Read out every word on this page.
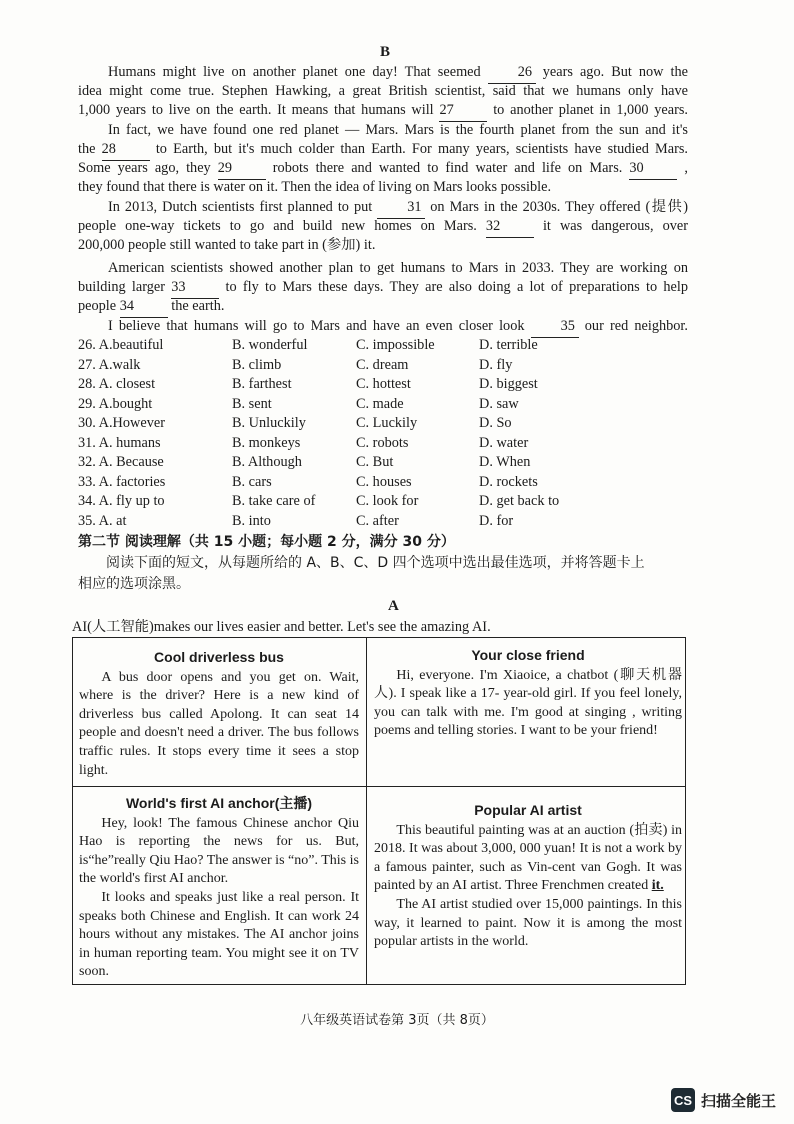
B
Humans might live on another planet one day! That seemed 26 years ago. But now the
idea might come true. Stephen Hawking, a great British scientist, said that we humans only have
1,000 years to live on the earth. It means that humans will 27 to another planet in 1,000 years.
In fact, we have found one red planet — Mars. Mars is the fourth planet from the sun and it's
the 28 to Earth, but it's much colder than Earth. For many years, scientists have studied Mars.
Some years ago, they 29 robots there and wanted to find water and life on Mars. 30 ,
they found that there is water on it. Then the idea of living on Mars looks possible.
In 2013, Dutch scientists first planned to put 31 on Mars in the 2030s. They offered (提供)
people one-way tickets to go and build new homes on Mars. 32 it was dangerous, over
200,000 people still wanted to take part in (参加) it.
American scientists showed another plan to get humans to Mars in 2033. They are working on
building larger 33 to fly to Mars these days. They are also doing a lot of preparations to help
people 34 the earth.
I believe that humans will go to Mars and have an even closer look 35 our red neighbor.
26. A.beautiful	B. wonderful	C. impossible	D. terrible
27. A.walk	B. climb	C. dream	D. fly
28. A. closest	B. farthest	C. hottest	D. biggest
29. A.bought	B. sent	C. made	D. saw
30. A.However	B. Unluckily	C. Luckily	D. So
31. A. humans	B. monkeys	C. robots	D. water
32. A. Because	B. Although	C. But	D. When
33. A. factories	B. cars	C. houses	D. rockets
34. A. fly up to	B. take care of	C. look for	D. get back to
35. A. at	B. into	C. after	D. for
第二节 阅读理解（共 15 小题；每小题 2 分，满分 30 分）
阅读下面的短文，从每题所给的 A、B、C、D 四个选项中选出最佳选项，并将答题卡上
相应的选项涂黑。
A
AI(人工智能)makes our lives easier and better. Let's see the amazing AI.
Cool driverless bus

A bus door opens and you get on. Wait, where is the driver? Here is a new kind of driverless bus called Apolong. It can seat 14 people and doesn't need a driver. The bus follows traffic rules. It stops every time it sees a stop light.

Your close friend

Hi, everyone. I'm Xiaoice, a chatbot (聊天机器人). I speak like a 17- year-old girl. If you feel lonely, you can talk with me. I'm good at singing , writing poems and telling stories. I want to be your friend!

World's first AI anchor(主播)

Hey, look! The famous Chinese anchor Qiu Hao is reporting the news for us. But, is“he”really Qiu Hao? The answer is “no”. This is the world's first AI anchor.

It looks and speaks just like a real person. It speaks both Chinese and English. It can work 24 hours without any mistakes. The AI anchor joins in human reporting team. You might see it on TV soon.

Popular AI artist

This beautiful painting was at an auction (拍卖) in 2018. It was about 3,000, 000 yuan! It is not a work by a famous painter, such as Vin-cent van Gogh. It was painted by an AI artist. Three Frenchmen created it.

The AI artist studied over 15,000 paintings. In this way, it learned to paint. Now it is among the most popular artists in the world.

八年级英语试卷第 3页（共 8页）
CS 扫描全能王
